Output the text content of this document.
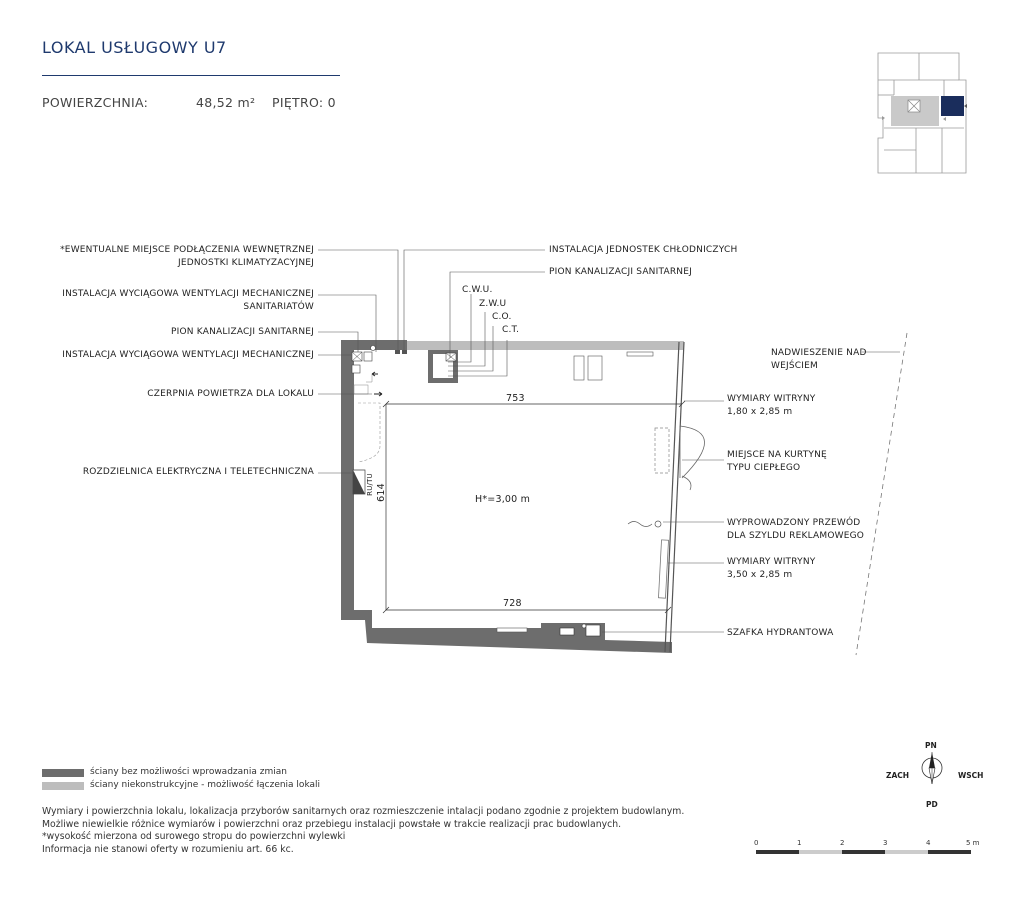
LOKAL USŁUGOWY U7
POWIERZCHNIA:	48,52 m² PIĘTRO: 0
*EWENTUALNE MIEJSCE PODŁĄCZENIA WEWNĘTRZNEJ
JEDNOSTKI KLIMATYZACYJNEJ
INSTALACJA WYCIĄGOWA WENTYLACJI MECHANICZNEJ
SANITARIATÓW
PION KANALIZACJI SANITARNEJ
INSTALACJA WYCIĄGOWA WENTYLACJI MECHANICZNEJ
CZERPNIA POWIETRZA DLA LOKALU
ROZDZIELNICA ELEKTRYCZNA I TELETECHNICZNA
INSTALACJA JEDNOSTEK CHŁODNICZYCH
PION KANALIZACJI SANITARNEJ
C.W.U.
Z.W.U
C.O.
C.T.
NADWIESZENIE NAD
WEJŚCIEM
WYMIARY WITRYNY
1,80 x 2,85 m
MIEJSCE NA KURTYNĘ
TYPU CIEPŁEGO
WYPROWADZONY PRZEWÓD
DLA SZYLDU REKLAMOWEGO
WYMIARY WITRYNY
3,50 x 2,85 m
SZAFKA HYDRANTOWA
753
728
614	H*=3,00 m
RU/TU
ściany bez możliwości wprowadzania zmian
ściany niekonstrukcyjne - możliwość łączenia lokali
Wymiary i powierzchnia lokalu, lokalizacja przyborów sanitarnych oraz rozmieszczenie intalacji podano zgodnie z projektem budowlanym.
Możliwe niewielkie różnice wymiarów i powierzchni oraz przebiegu instalacji powstałe w trakcie realizacji prac budowlanych.
*wysokość mierzona od surowego stropu do powierzchni wylewki
Informacja nie stanowi oferty w rozumieniu art. 66 kc.
PN
PD
ZACH	WSCH
0	1	2	3	4	5 m
